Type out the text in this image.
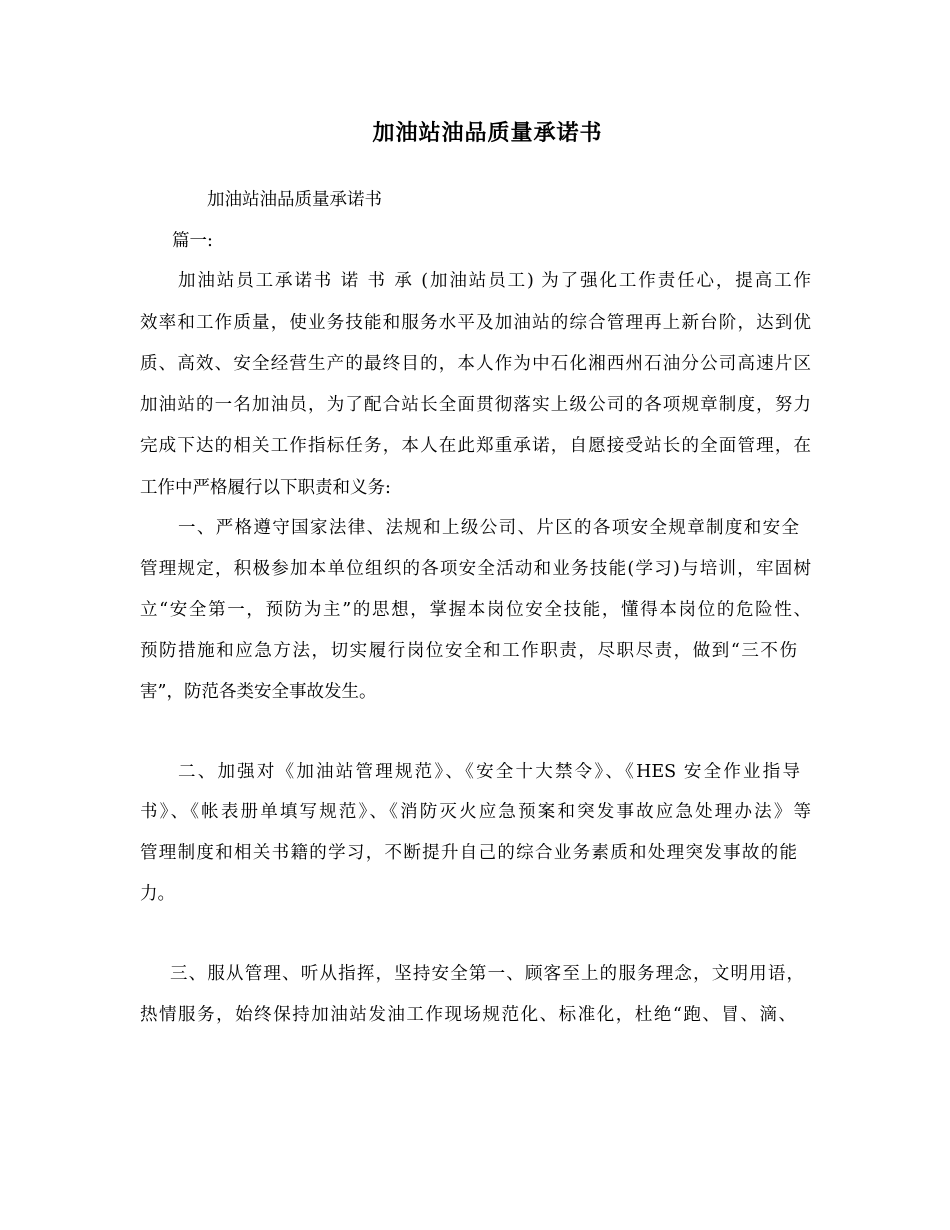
加油站油品质量承诺书

加油站油品质量承诺书

篇一:

加油站员工承诺书 诺 书 承 (加油站员工) 为了强化工作责任心，提高工作

效率和工作质量，使业务技能和服务水平及加油站的综合管理再上新台阶，达到优

质、高效、安全经营生产的最终目的，本人作为中石化湘西州石油分公司高速片区

加油站的一名加油员，为了配合站长全面贯彻落实上级公司的各项规章制度，努力

完成下达的相关工作指标任务，本人在此郑重承诺，自愿接受站长的全面管理，在

工作中严格履行以下职责和义务:

一、严格遵守国家法律、法规和上级公司、片区的各项安全规章制度和安全

管理规定，积极参加本单位组织的各项安全活动和业务技能(学习)与培训，牢固树

立“安全第一，预防为主”的思想，掌握本岗位安全技能，懂得本岗位的危险性、

预防措施和应急方法，切实履行岗位安全和工作职责，尽职尽责，做到“三不伤

害”，防范各类安全事故发生。

二、加强对《加油站管理规范》、《安全十大禁令》、《HES 安全作业指导

书》、《帐表册单填写规范》、《消防灭火应急预案和突发事故应急处理办法》等

管理制度和相关书籍的学习，不断提升自己的综合业务素质和处理突发事故的能

力。

三、服从管理、听从指挥，坚持安全第一、顾客至上的服务理念，文明用语，

热情服务，始终保持加油站发油工作现场规范化、标准化，杜绝“跑、冒、滴、
